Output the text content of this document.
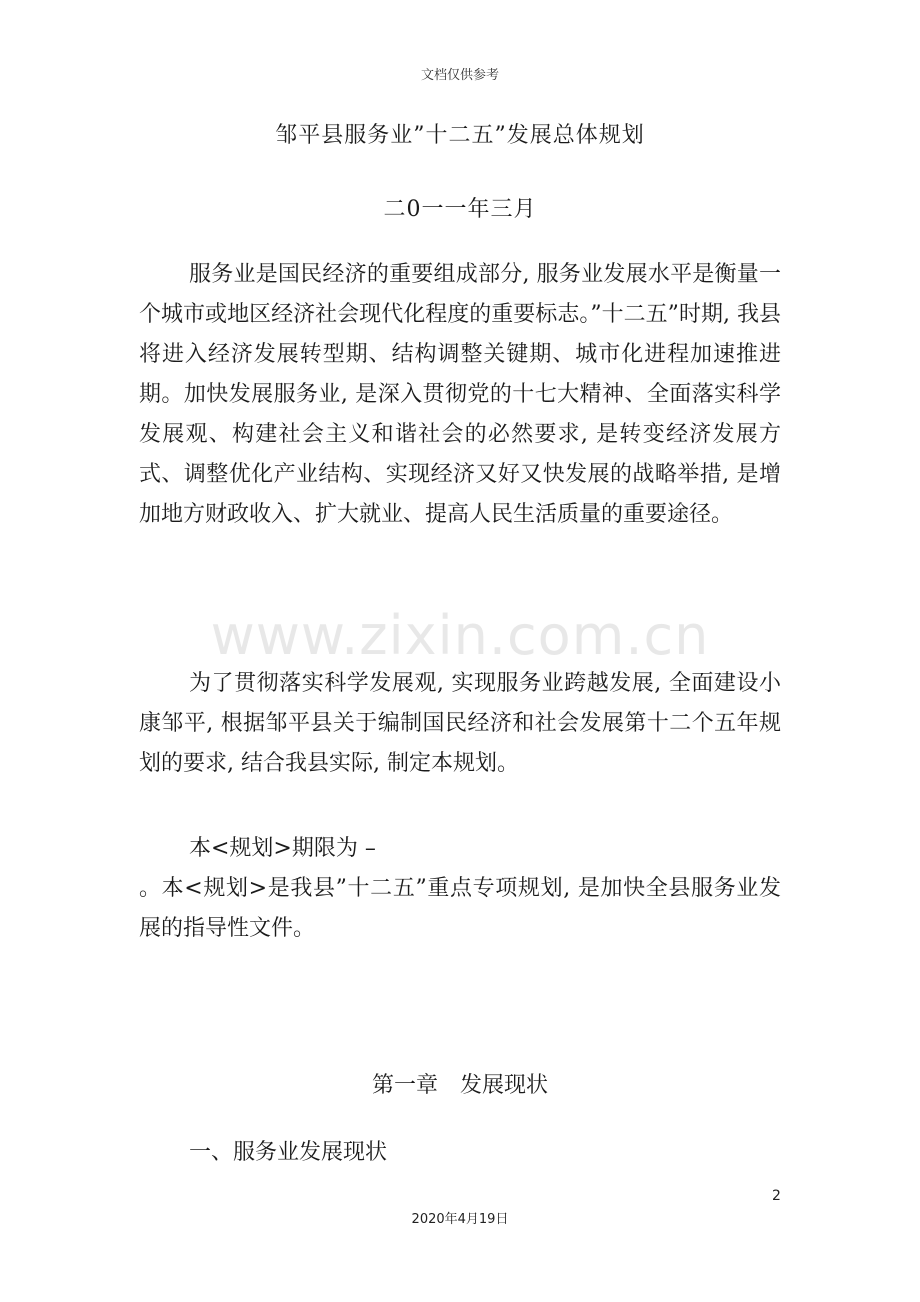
文档仅供参考
邹平县服务业”十二五”发展总体规划
二0一一年三月

服务业是国民经济的重要组成部分, 服务业发展水平是衡量一个城市或地区经济社会现代化程度的重要标志。”十二五”时期, 我县将进入经济发展转型期、结构调整关键期、城市化进程加速推进期。加快发展服务业, 是深入贯彻党的十七大精神、全面落实科学发展观、构建社会主义和谐社会的必然要求, 是转变经济发展方式、调整优化产业结构、实现经济又好又快发展的战略举措, 是增加地方财政收入、扩大就业、提高人民生活质量的重要途径。

www.zixin.com.cn

为了贯彻落实科学发展观, 实现服务业跨越发展, 全面建设小康邹平, 根据邹平县关于编制国民经济和社会发展第十二个五年规划的要求, 结合我县实际, 制定本规划。

本<规划>期限为 –
。本<规划>是我县”十二五”重点专项规划, 是加快全县服务业发展的指导性文件。
第一章　发展现状
一、服务业发展现状
2
2020年4月19日
